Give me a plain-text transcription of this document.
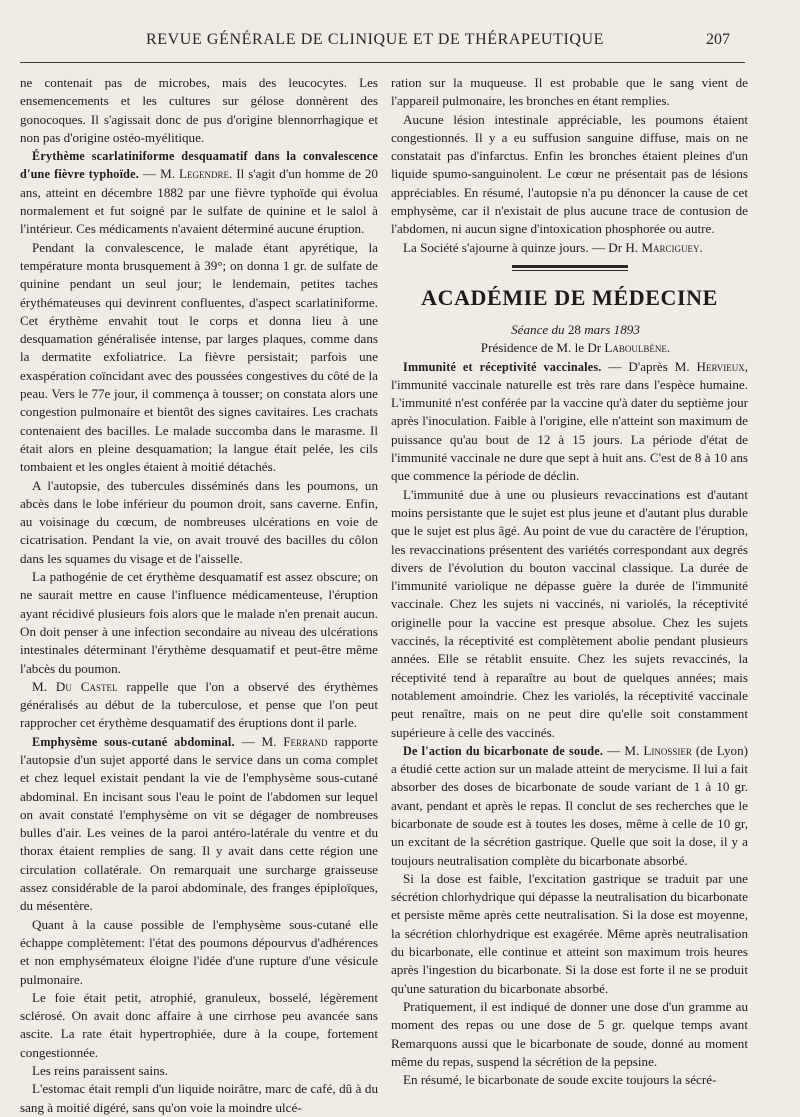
REVUE GÉNÉRALE DE CLINIQUE ET DE THÉRAPEUTIQUE	207

ne contenait pas de microbes, mais des leucocytes. Les ensemencements et les cultures sur gélose donnèrent des gonocoques. Il s'agissait donc de pus d'origine blennorrhagique et non pas d'origine ostéo-myélitique.

Érythème scarlatiniforme desquamatif dans la convalescence d'une fièvre typhoïde. — M. Legendre. Il s'agit d'un homme de 20 ans, atteint en décembre 1882 par une fièvre typhoïde qui évolua normalement et fut soigné par le sulfate de quinine et le salol à l'intérieur. Ces médicaments n'avaient déterminé aucune éruption.

Pendant la convalescence, le malade étant apyrétique, la température monta brusquement à 39°; on donna 1 gr. de sulfate de quinine pendant un seul jour; le lendemain, petites taches érythémateuses qui devinrent confluentes, d'aspect scarlatiniforme. Cet érythème envahit tout le corps et donna lieu à une desquamation généralisée intense, par larges plaques, comme dans la dermatite exfoliatrice. La fièvre persistait; parfois une exaspération coïncidant avec des poussées congestives du côté de la peau. Vers le 77e jour, il commença à tousser; on constata alors une congestion pulmonaire et bientôt des signes cavitaires. Les crachats contenaient des bacilles. Le malade succomba dans le marasme. Il était alors en pleine desquamation; la langue était pelée, les cils tombaient et les ongles étaient à moitié détachés.

A l'autopsie, des tubercules disséminés dans les poumons, un abcès dans le lobe inférieur du poumon droit, sans caverne. Enfin, au voisinage du cœcum, de nombreuses ulcérations en voie de cicatrisation. Pendant la vie, on avait trouvé des bacilles du côlon dans les squames du visage et de l'aisselle.

La pathogénie de cet érythème desquamatif est assez obscure; on ne saurait mettre en cause l'influence médicamenteuse, l'éruption ayant récidivé plusieurs fois alors que le malade n'en prenait aucun. On doit penser à une infection secondaire au niveau des ulcérations intestinales déterminant l'érythème desquamatif et peut-être même l'abcès du poumon.

M. Du Castel rappelle que l'on a observé des érythèmes généralisés au début de la tuberculose, et pense que l'on peut rapprocher cet érythème desquamatif des éruptions dont il parle.

Emphysème sous-cutané abdominal. — M. Ferrand rapporte l'autopsie d'un sujet apporté dans le service dans un coma complet et chez lequel existait pendant la vie de l'emphysème sous-cutané abdominal. En incisant sous l'eau le point de l'abdomen sur lequel on avait constaté l'emphysème on vit se dégager de nombreuses bulles d'air. Les veines de la paroi antéro-latérale du ventre et du thorax étaient remplies de sang. Il y avait dans cette région une circulation collatérale. On remarquait une surcharge graisseuse assez considérable de la paroi abdominale, des franges épiploïques, du mésentère.

Quant à la cause possible de l'emphysème sous-cutané elle échappe complètement: l'état des poumons dépourvus d'adhérences et non emphysémateux éloigne l'idée d'une rupture d'une vésicule pulmonaire.

Le foie était petit, atrophié, granuleux, bosselé, légèrement sclérosé. On avait donc affaire à une cirrhose peu avancée sans ascite. La rate était hypertrophiée, dure à la coupe, fortement congestionnée.

Les reins paraissent sains.

L'estomac était rempli d'un liquide noirâtre, marc de café, dû à du sang à moitié digéré, sans qu'on voie la moindre ulcé-

ration sur la muqueuse. Il est probable que le sang vient de l'appareil pulmonaire, les bronches en étant remplies.

Aucune lésion intestinale appréciable, les poumons étaient congestionnés. Il y a eu suffusion sanguine diffuse, mais on ne constatait pas d'infarctus. Enfin les bronches étaient pleines d'un liquide spumo-sanguinolent. Le cœur ne présentait pas de lésions appréciables. En résumé, l'autopsie n'a pu dénoncer la cause de cet emphysème, car il n'existait de plus aucune trace de contusion de l'abdomen, ni aucun signe d'intoxication phosphorée ou autre.

La Société s'ajourne à quinze jours. — Dr H. Marciguey.

ACADÉMIE DE MÉDECINE

Séance du 28 mars 1893

Présidence de M. le Dr Laboulbène.

Immunité et réceptivité vaccinales. — D'après M. Hervieux, l'immunité vaccinale naturelle est très rare dans l'espèce humaine. L'immunité n'est conférée par la vaccine qu'à dater du septième jour après l'inoculation. Faible à l'origine, elle n'atteint son maximum de puissance qu'au bout de 12 à 15 jours. La période d'état de l'immunité vaccinale ne dure que sept à huit ans. C'est de 8 à 10 ans que commence la période de déclin.

L'immunité due à une ou plusieurs revaccinations est d'autant moins persistante que le sujet est plus jeune et d'autant plus durable que le sujet est plus âgé. Au point de vue du caractère de l'éruption, les revaccinations présentent des variétés correspondant aux degrés divers de l'évolution du bouton vaccinal classique. La durée de l'immunité variolique ne dépasse guère la durée de l'immunité vaccinale. Chez les sujets ni vaccinés, ni variolés, la réceptivité originelle pour la vaccine est presque absolue. Chez les sujets vaccinés, la réceptivité est complètement abolie pendant plusieurs années. Elle se rétablit ensuite. Chez les sujets revaccinés, la réceptivité tend à reparaître au bout de quelques années; mais notablement amoindrie. Chez les variolés, la réceptivité vaccinale peut renaître, mais on ne peut dire qu'elle soit constamment supérieure à celle des vaccinés.

De l'action du bicarbonate de soude. — M. Linossier (de Lyon) a étudié cette action sur un malade atteint de merycisme. Il lui a fait absorber des doses de bicarbonate de soude variant de 1 à 10 gr. avant, pendant et après le repas. Il conclut de ses recherches que le bicarbonate de soude est à toutes les doses, même à celle de 10 gr, un excitant de la sécrétion gastrique. Quelle que soit la dose, il y a toujours neutralisation complète du bicarbonate absorbé.

Si la dose est faible, l'excitation gastrique se traduit par une sécrétion chlorhydrique qui dépasse la neutralisation du bicarbonate et persiste même après cette neutralisation. Si la dose est moyenne, la sécrétion chlorhydrique est exagérée. Même après neutralisation du bicarbonate, elle continue et atteint son maximum trois heures après l'ingestion du bicarbonate. Si la dose est forte il ne se produit qu'une saturation du bicarbonate absorbé.

Pratiquement, il est indiqué de donner une dose d'un gramme au moment des repas ou une dose de 5 gr. quelque temps avant Remarquons aussi que le bicarbonate de soude, donné au moment même du repas, suspend la sécrétion de la pepsine.

En résumé, le bicarbonate de soude excite toujours la sécré-
